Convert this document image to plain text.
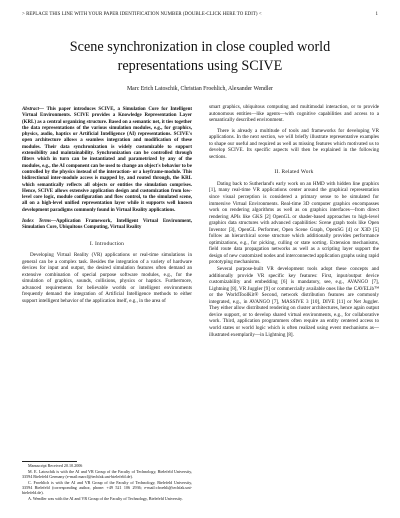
> REPLACE THIS LINE WITH YOUR PAPER IDENTIFICATION NUMBER (DOUBLE-CLICK HERE TO EDIT) <	1
Scene synchronization in close coupled world
representations using SCIVE
Marc Erich Latoschik, Christian Froehlich, Alexander Wendler

Abstract— This paper introduces SCIVE, a Simulation Core for Intelligent Virtual Environments. SCIVE provides a Knowledge Representation Layer (KRL) as a central organizing structure. Based on a semantic net, it ties together the data representations of the various simulation modules, e.g., for graphics, physics, audio, haptics or Artificial Intelligence (AI) representations. SCIVE's open architecture allows a seamless integration and modification of these modules. Their data synchronization is widely customizable to support extensibility and maintainability. Synchronization can be controlled through filters which in turn can be instantiated and parametrized by any of the modules, e.g., the AI component can be used to change an object's behavior to be controlled by the physics instead of the interaction- or a keyframe-module. This bidirectional inter-module access is mapped by, and routed through, the KRL which semantically reflects all objects or entities the simulation comprises. Hence, SCIVE allows extensive application design and customization from low-level core logic, module configuration and flow control, to the simulated scene, all on a high-level unified representation layer while it supports well known development paradigms commonly found in Virtual Reality applications.

Index Terms—Application Framework, Intelligent Virtual Environment, Simulation Core, Ubiquitous Computing, Virtual Reality

I. Introduction

Developing Virtual Reality (VR) applications or real-time simulations in general can be a complex task. Besides the integration of a variety of hardware devices for input and output, the desired simulation features often demand an extensive combination of special purpose software modules, e.g., for the simulation of graphics, sounds, collisions, physics or haptics. Furthermore, advanced requirements for believable worlds or intelligent environments frequently demand the integration of Artificial Intelligence methods to either support intelligent behavior of the application itself, e.g., in the area of

Manuscript Received 20.10.2006

M. E. Latoschik is with the AI and VR Group of the Faculty of Technology, Bielefeld University, 33594 Bielefeld Germany (e-mail:marcl@techfak.uni-bielefeld.de).

C. Froehlich is with the AI and VR Group of the Faculty of Technology, Bielefeld University, 33594 Bielefeld (corresponding author, phone: +49 521 106 2936; e-mail:cfroehli@techfak.uni-bielefeld.de).

A. Wendler was with the AI and VR Group of the Faculty of Technology, Bielefeld University.

smart graphics, ubiquitous computing and multimodal interaction, or to provide autonomous entities—like agents—with cognitive capabilities and access to a semantically described environment.

There is already a multitude of tools and frameworks for developing VR applications. In the next section, we will briefly illustrate representative examples to shape our useful and required as well as missing features which motivated us to develop SCIVE. Its specific aspects will then be explained in the following sections.

II. Related Work

Dating back to Sutherland's early work on an HMD with hidden line graphics [1], many real-time VR applications center around the graphical representation since visual perception is considered a primary sense to be simulated for immersive Virtual Environments. Real-time 3D computer graphics encompasses work on rendering algorithms as well as on graphics interfaces—from direct rendering APIs like GKS [2] OpenGL or shader-based approaches to high-level graphics data structures with advanced capabilities: Scene graph tools like Open Inventor [3], OpenGL Performer, Open Scene Graph, OpenSG [4] or X3D [5] follow an hierarchical scene structure which additionally provides performance optimizations, e.g., for picking, culling or state sorting. Extension mechanisms, field route data propagation networks as well as a scripting layer support the design of new customized nodes and interconnected application graphs using rapid prototyping mechanisms.

Several purpose-built VR development tools adopt these concepts and additionally provide VR specific key features: First, input/output device customizability and embedding [6] is mandatory, see, e.g., AVANGO [7], Lightning [8], VR Juggler [9] or commercially available ones like the CAVELib™ or the WorldToolKit® Second, network distribution features are commonly integrated, e.g., in AVANGO [7], MASSIVE 3 [10], DIVE [11] or Net Juggler. They either allow distributed rendering on cluster architectures, hence again output device support, or to develop shared virtual environments, e.g., for collaborative work. Third, application programmers often require an entity centered access to world states or world logic which is often realized using event mechanisms as—illustrated exemplarily—in Lightning [8].
